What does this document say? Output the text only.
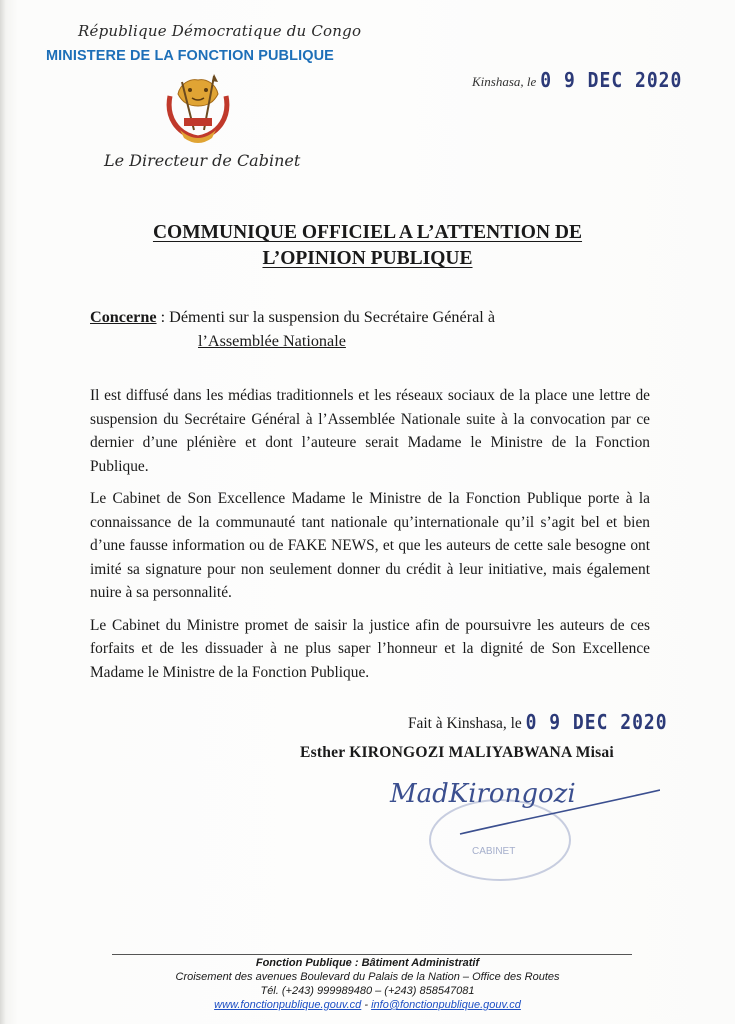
République Démocratique du Congo
MINISTERE DE LA FONCTION PUBLIQUE
Le Directeur de Cabinet
Kinshasa, le 0 9 DEC 2020
COMMUNIQUE OFFICIEL A L’ATTENTION DE
L’OPINION PUBLIQUE
Concerne : Démenti sur la suspension du Secrétaire Général à
l’Assemblée Nationale

Il est diffusé dans les médias traditionnels et les réseaux sociaux de la place une lettre de suspension du Secrétaire Général à l’Assemblée Nationale suite à la convocation par ce dernier d’une plénière et dont l’auteure serait Madame le Ministre de la Fonction Publique.

Le Cabinet de Son Excellence Madame le Ministre de la Fonction Publique porte à la connaissance de la communauté tant nationale qu’internationale qu’il s’agit bel et bien d’une fausse information ou de FAKE NEWS, et que les auteurs de cette sale besogne ont imité sa signature pour non seulement donner du crédit à leur initiative, mais également nuire à sa personnalité.

Le Cabinet du Ministre promet de saisir la justice afin de poursuivre les auteurs de ces forfaits et de les dissuader à ne plus saper l’honneur et la dignité de Son Excellence Madame le Ministre de la Fonction Publique.

Fait à Kinshasa, le 0 9 DEC 2020
Esther KIRONGOZI MALIYABWANA Misai
CABINET
MadKirongozi
Fonction Publique : Bâtiment Administratif
Croisement des avenues Boulevard du Palais de la Nation – Office des Routes
Tél. (+243) 999989480 – (+243) 858547081
www.fonctionpublique.gouv.cd - info@fonctionpublique.gouv.cd
